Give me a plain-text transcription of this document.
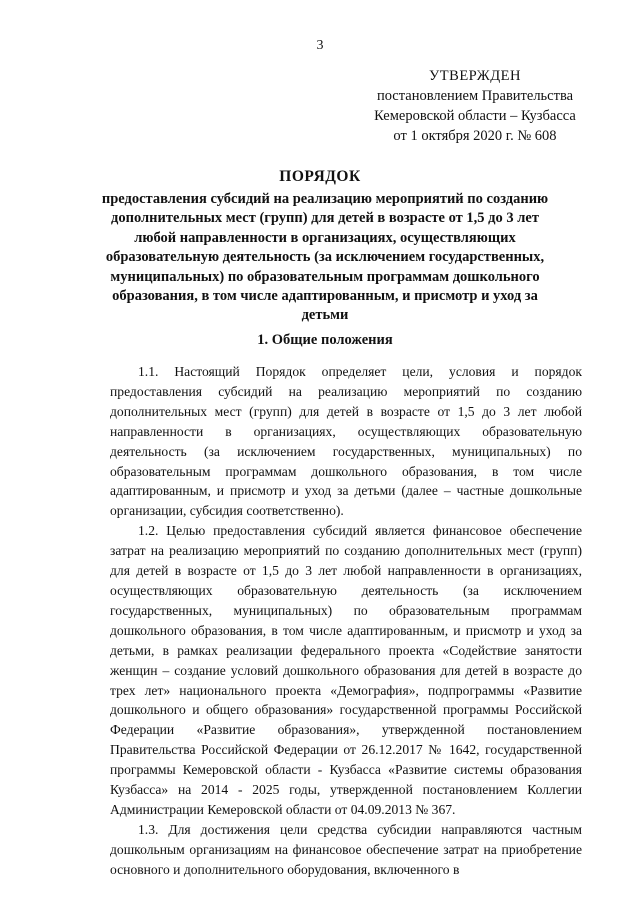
3
УТВЕРЖДЕН
постановлением Правительства
Кемеровской области – Кузбасса
от 1 октября 2020 г. № 608
ПОРЯДОК
предоставления субсидий на реализацию мероприятий по созданию дополнительных мест (групп) для детей в возрасте от 1,5 до 3 лет любой направленности в организациях, осуществляющих образовательную деятельность (за исключением государственных, муниципальных) по образовательным программам дошкольного образования, в том числе адаптированным, и присмотр и уход за детьми
1. Общие положения

1.1. Настоящий Порядок определяет цели, условия и порядок предоставления субсидий на реализацию мероприятий по созданию дополнительных мест (групп) для детей в возрасте от 1,5 до 3 лет любой направленности в организациях, осуществляющих образовательную деятельность (за исключением государственных, муниципальных) по образовательным программам дошкольного образования, в том числе адаптированным, и присмотр и уход за детьми (далее – частные дошкольные организации, субсидия соответственно).

1.2. Целью предоставления субсидий является финансовое обеспечение затрат на реализацию мероприятий по созданию дополнительных мест (групп) для детей в возрасте от 1,5 до 3 лет любой направленности в организациях, осуществляющих образовательную деятельность (за исключением государственных, муниципальных) по образовательным программам дошкольного образования, в том числе адаптированным, и присмотр и уход за детьми, в рамках реализации федерального проекта «Содействие занятости женщин – создание условий дошкольного образования для детей в возрасте до трех лет» национального проекта «Демография», подпрограммы «Развитие дошкольного и общего образования» государственной программы Российской Федерации «Развитие образования», утвержденной постановлением Правительства Российской Федерации от 26.12.2017 № 1642, государственной программы Кемеровской области - Кузбасса «Развитие системы образования Кузбасса» на 2014 - 2025 годы, утвержденной постановлением Коллегии Администрации Кемеровской области от 04.09.2013 № 367.

1.3. Для достижения цели средства субсидии направляются частным дошкольным организациям на финансовое обеспечение затрат на приобретение основного и дополнительного оборудования, включенного в
